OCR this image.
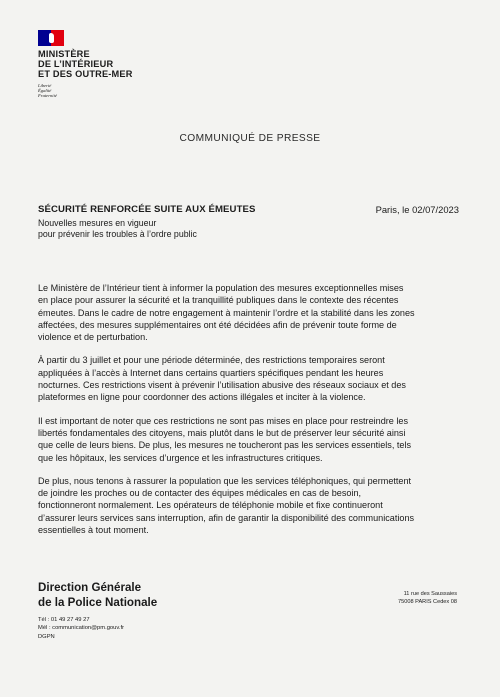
MINISTÈRE
DE L’INTÉRIEUR
ET DES OUTRE-MER
Liberté
Égalité
Fraternité
COMMUNIQUÉ DE PRESSE
SÉCURITÉ RENFORCÉE SUITE AUX ÉMEUTES	Paris, le 02/07/2023
Nouvelles mesures en vigueur
pour prévenir les troubles à l’ordre public

Le Ministère de l’Intérieur tient à informer la population des mesures exceptionnelles mises
en place pour assurer la sécurité et la tranquillité publiques dans le contexte des récentes
émeutes. Dans le cadre de notre engagement à maintenir l’ordre et la stabilité dans les zones
affectées, des mesures supplémentaires ont été décidées afin de prévenir toute forme de
violence et de perturbation.

À partir du 3 juillet et pour une période déterminée, des restrictions temporaires seront
appliquées à l’accès à Internet dans certains quartiers spécifiques pendant les heures
nocturnes. Ces restrictions visent à prévenir l’utilisation abusive des réseaux sociaux et des
plateformes en ligne pour coordonner des actions illégales et inciter à la violence.

Il est important de noter que ces restrictions ne sont pas mises en place pour restreindre les
libertés fondamentales des citoyens, mais plutôt dans le but de préserver leur sécurité ainsi
que celle de leurs biens. De plus, les mesures ne toucheront pas les services essentiels, tels
que les hôpitaux, les services d’urgence et les infrastructures critiques.

De plus, nous tenons à rassurer la population que les services téléphoniques, qui permettent
de joindre les proches ou de contacter des équipes médicales en cas de besoin,
fonctionneront normalement. Les opérateurs de téléphonie mobile et fixe continueront
d’assurer leurs services sans interruption, afin de garantir la disponibilité des communications
essentielles à tout moment.

Direction Générale
de la Police Nationale
11 rue des Saussaies
75008 PARIS Cedex 08
Tél : 01 49 27 49 27
Mél : communication@pm.gouv.fr
DGPN
